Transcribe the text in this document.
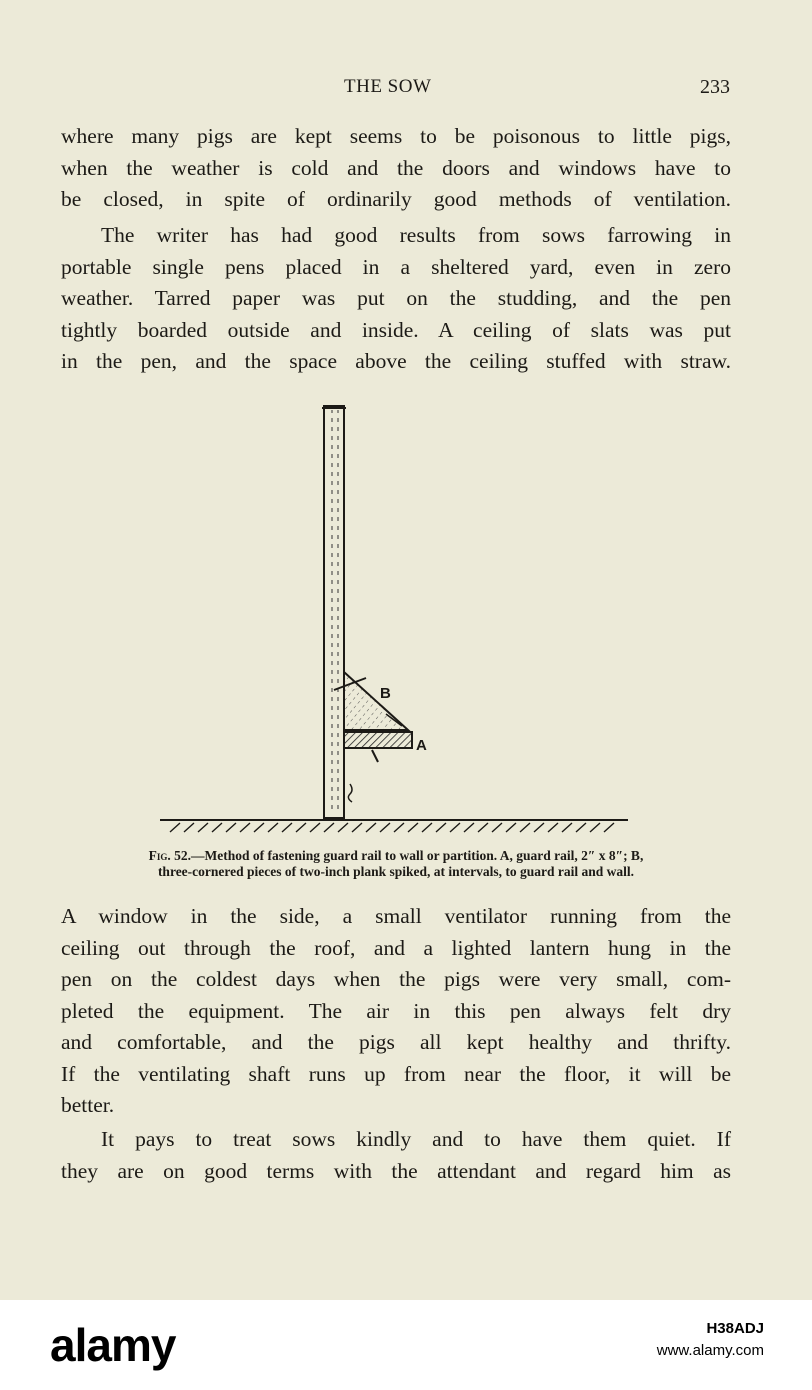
THE SOW	233

where many pigs are kept seems to be poisonous to little pigs,
when the weather is cold and the doors and windows have to
be closed, in spite of ordinarily good methods of ventilation.

The writer has had good results from sows farrowing in
portable single pens placed in a sheltered yard, even in zero
weather. Tarred paper was put on the studding, and the pen
tightly boarded outside and inside. A ceiling of slats was put
in the pen, and the space above the ceiling stuffed with straw.

B
A
Fig. 52.—Method of fastening guard rail to wall or partition. A, guard rail, 2″ x 8″; B,
three-cornered pieces of two-inch plank spiked, at intervals, to guard rail and wall.

A window in the side, a small ventilator running from the
ceiling out through the roof, and a lighted lantern hung in the
pen on the coldest days when the pigs were very small, com-
pleted the equipment. The air in this pen always felt dry
and comfortable, and the pigs all kept healthy and thrifty.
If the ventilating shaft runs up from near the floor, it will be
better.

It pays to treat sows kindly and to have them quiet. If
they are on good terms with the attendant and regard him as

alamy	H38ADJ
www.alamy.com
